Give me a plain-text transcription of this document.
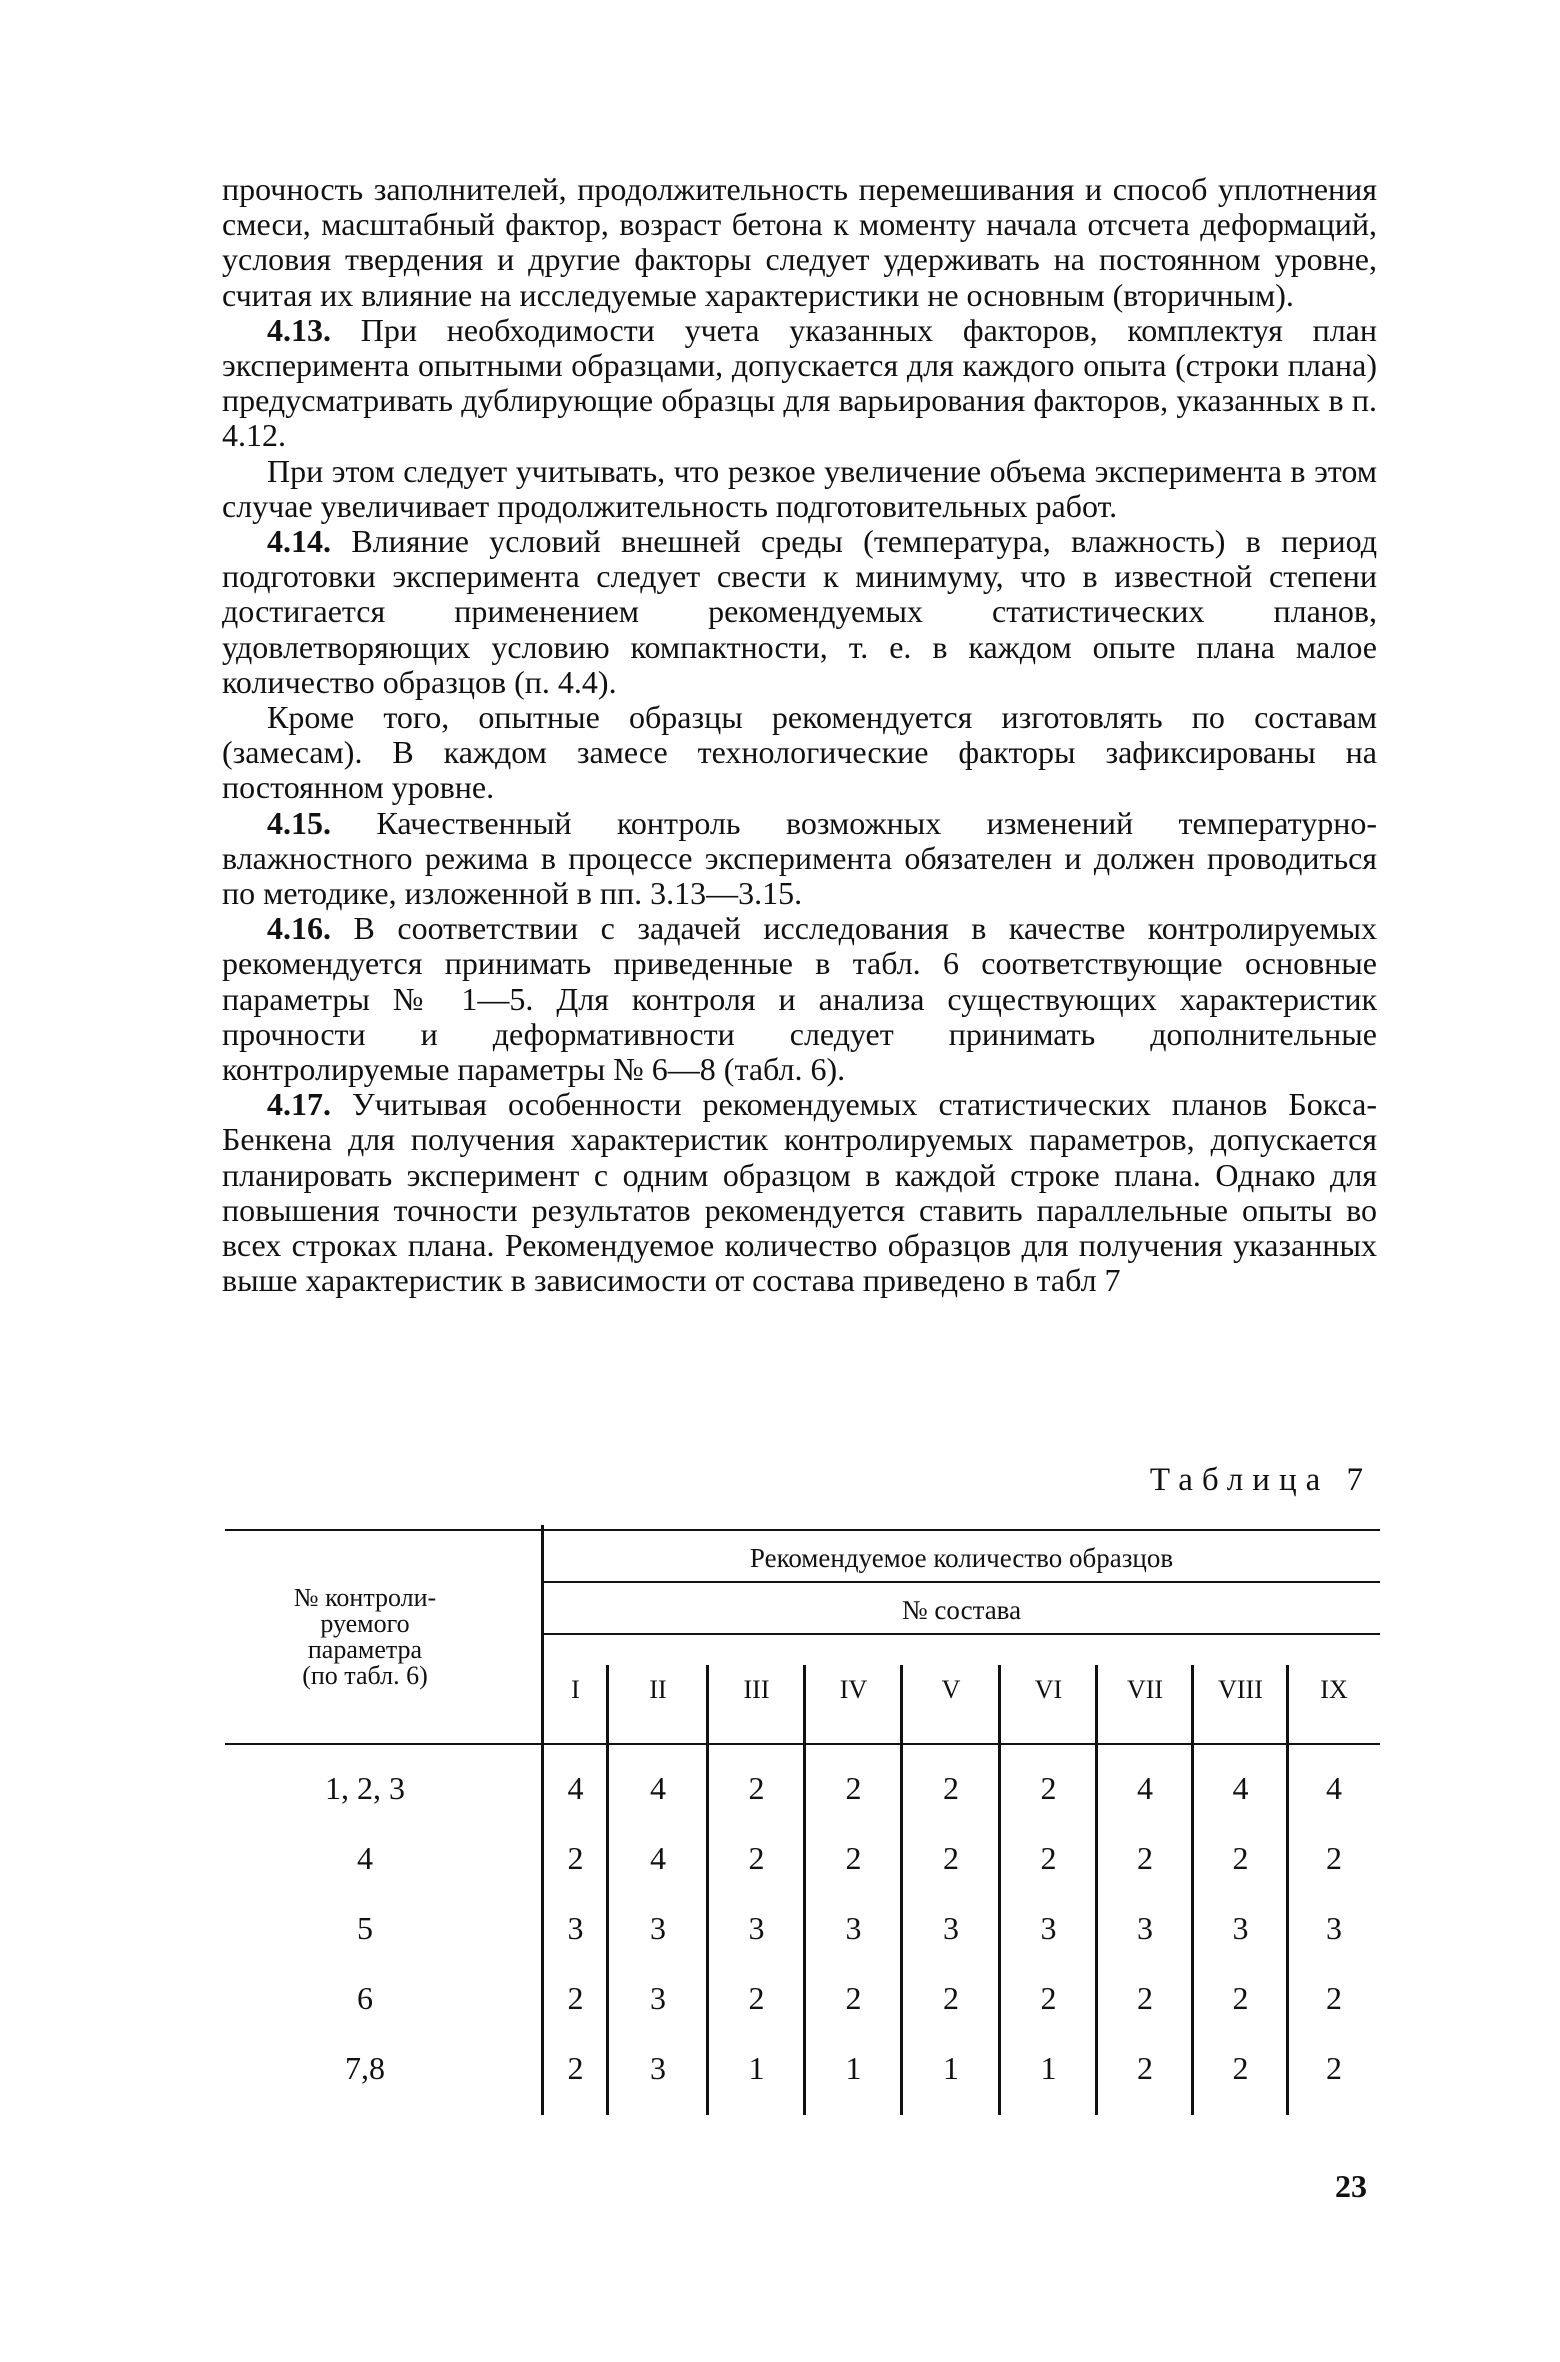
прочность заполнителей, продолжительность перемешивания и способ уплотнения смеси, масштабный фактор, возраст бетона к моменту начала отсчета деформаций, условия твердения и другие факторы следует удерживать на постоянном уровне, считая их влияние на исследуемые характеристики не основным (вторичным).

4.13. При необходимости учета указанных факторов, комплектуя план эксперимента опытными образцами, допускается для каждого опыта (строки плана) предусматривать дублирующие образцы для варьирования факторов, указанных в п. 4.12.

При этом следует учитывать, что резкое увеличение объема эксперимента в этом случае увеличивает продолжительность подготовительных работ.

4.14. Влияние условий внешней среды (температура, влажность) в период подготовки эксперимента следует свести к минимуму, что в известной степени достигается применением рекомендуемых статистических планов, удовлетворяющих условию компактности, т. е. в каждом опыте плана малое количество образцов (п. 4.4).

Кроме того, опытные образцы рекомендуется изготовлять по составам (замесам). В каждом замесе технологические факторы зафиксированы на постоянном уровне.

4.15. Качественный контроль возможных изменений температурно-влажностного режима в процессе эксперимента обязателен и должен проводиться по методике, изложенной в пп. 3.13—3.15.

4.16. В соответствии с задачей исследования в качестве контролируемых рекомендуется принимать приведенные в табл. 6 соответствующие основные параметры № 1—5. Для контроля и анализа существующих характеристик прочности и деформативности следует принимать дополнительные контролируемые параметры № 6—8 (табл. 6).

4.17. Учитывая особенности рекомендуемых статистических планов Бокса-Бенкена для получения характеристик контролируемых параметров, допускается планировать эксперимент с одним образцом в каждой строке плана. Однако для повышения точности результатов рекомендуется ставить параллельные опыты во всех строках плана. Рекомендуемое количество образцов для получения указанных выше характеристик в зависимости от состава приведено в табл 7

Таблица 7
№ контроли-
руемого
параметра
(по табл. 6)
Рекомендуемое количество образцов
№ состава
I	II	III	IV	V	VI	VII	VIII	IX
1, 2, 3	4	4	2	2	2	2	4	4	4
4	2	4	2	2	2	2	2	2	2
5	3	3	3	3	3	3	3	3	3
6	2	3	2	2	2	2	2	2	2
7,8	2	3	1	1	1	1	2	2	2
23
